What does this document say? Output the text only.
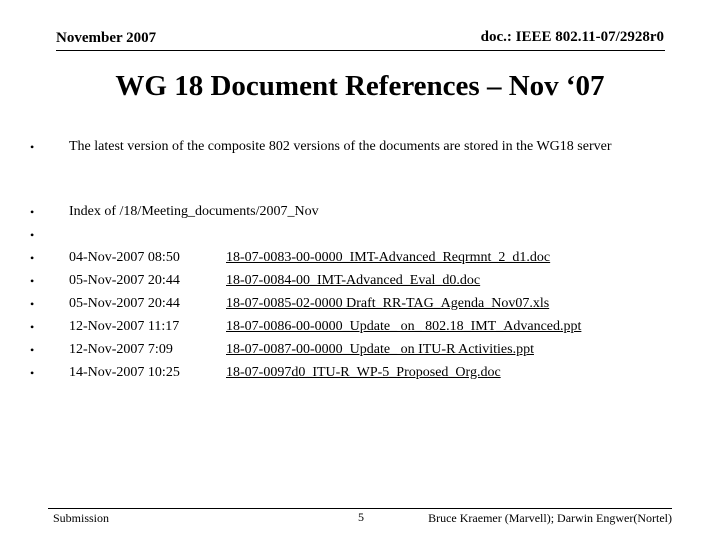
November 2007	doc.: IEEE 802.11-07/2928r0
WG 18 Document References – Nov ‘07
•	The latest version of the composite 802 versions of the documents are stored in the WG18 server
•	Index of /18/Meeting_documents/2007_Nov
•
•	04-Nov-2007 08:50	18-07-0083-00-0000_IMT-Advanced_Reqrmnt_2_d1.doc
•	05-Nov-2007 20:44	18-07-0084-00_IMT-Advanced_Eval_d0.doc
•	05-Nov-2007 20:44	18-07-0085-02-0000 Draft_RR-TAG_Agenda_Nov07.xls
•	12-Nov-2007 11:17	18-07-0086-00-0000_Update_ on_ 802.18_IMT_Advanced.ppt
•	12-Nov-2007 7:09	18-07-0087-00-0000_Update_ on ITU-R Activities.ppt
•	14-Nov-2007 10:25	18-07-0097d0_ITU-R_WP-5_Proposed_Org.doc
Submission	5	Bruce Kraemer (Marvell); Darwin Engwer(Nortel)
